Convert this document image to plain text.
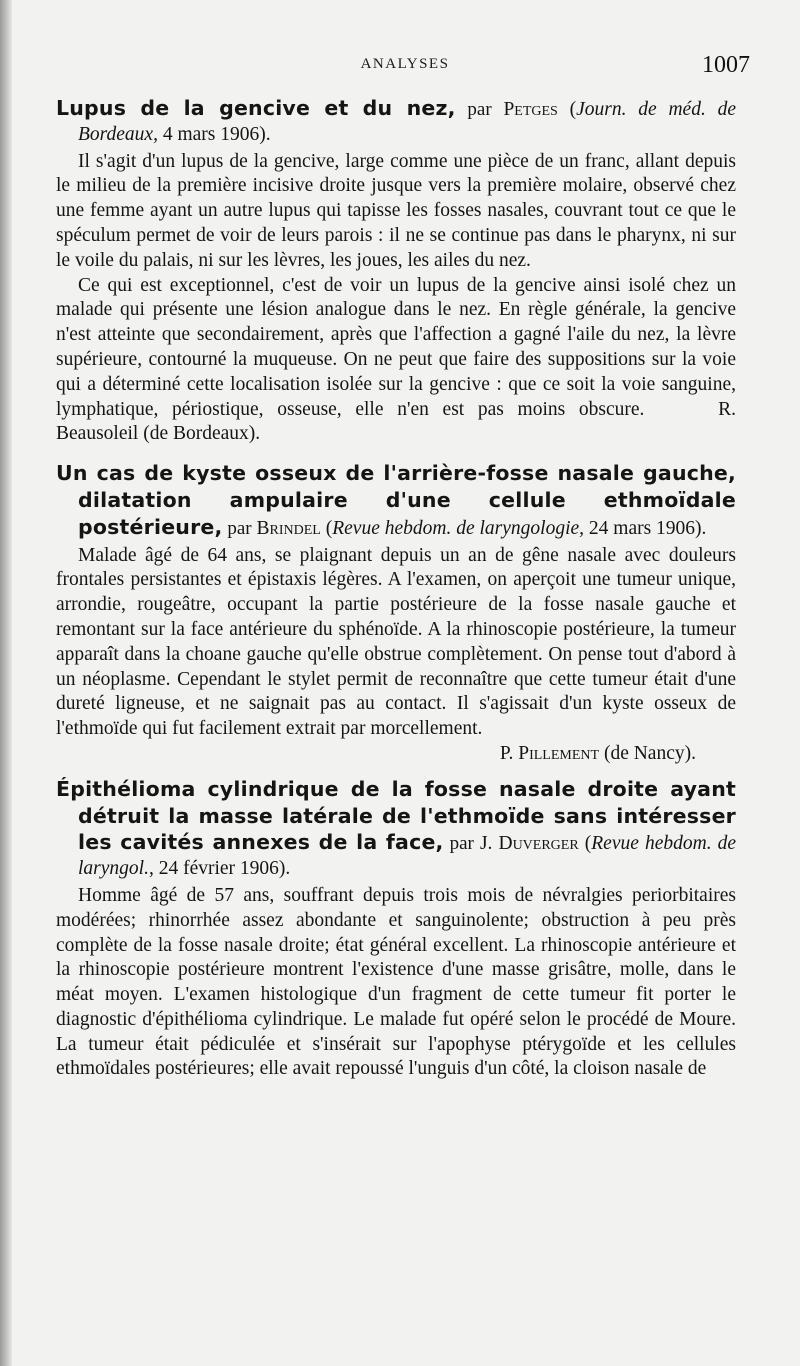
ANALYSES	1007

Lupus de la gencive et du nez, par Petges (Journ. de méd. de Bordeaux, 4 mars 1906).

Il s'agit d'un lupus de la gencive, large comme une pièce de un franc, allant depuis le milieu de la première incisive droite jusque vers la première molaire, observé chez une femme ayant un autre lupus qui tapisse les fosses nasales, couvrant tout ce que le spéculum permet de voir de leurs parois : il ne se continue pas dans le pharynx, ni sur le voile du palais, ni sur les lèvres, les joues, les ailes du nez.

Ce qui est exceptionnel, c'est de voir un lupus de la gencive ainsi isolé chez un malade qui présente une lésion analogue dans le nez. En règle générale, la gencive n'est atteinte que secondairement, après que l'affection a gagné l'aile du nez, la lèvre supérieure, contourné la muqueuse. On ne peut que faire des suppositions sur la voie qui a déterminé cette localisation isolée sur la gencive : que ce soit la voie sanguine, lymphatique, périostique, osseuse, elle n'en est pas moins obscure.	R. Beausoleil (de Bordeaux).

Un cas de kyste osseux de l'arrière-fosse nasale gauche, dilatation ampulaire d'une cellule ethmoïdale postérieure, par Brindel (Revue hebdom. de laryngologie, 24 mars 1906).

Malade âgé de 64 ans, se plaignant depuis un an de gêne nasale avec douleurs frontales persistantes et épistaxis légères. A l'examen, on aperçoit une tumeur unique, arrondie, rougeâtre, occupant la partie postérieure de la fosse nasale gauche et remontant sur la face antérieure du sphénoïde. A la rhinoscopie postérieure, la tumeur apparaît dans la choane gauche qu'elle obstrue complètement. On pense tout d'abord à un néoplasme. Cependant le stylet permit de reconnaître que cette tumeur était d'une dureté ligneuse, et ne saignait pas au contact. Il s'agissait d'un kyste osseux de l'ethmoïde qui fut facilement extrait par morcellement.

P. Pillement (de Nancy).

Épithélioma cylindrique de la fosse nasale droite ayant détruit la masse latérale de l'ethmoïde sans intéresser les cavités annexes de la face, par J. Duverger (Revue hebdom. de laryngol., 24 février 1906).

Homme âgé de 57 ans, souffrant depuis trois mois de névralgies periorbitaires modérées; rhinorrhée assez abondante et sanguinolente; obstruction à peu près complète de la fosse nasale droite; état général excellent. La rhinoscopie antérieure et la rhinoscopie postérieure montrent l'existence d'une masse grisâtre, molle, dans le méat moyen. L'examen histologique d'un fragment de cette tumeur fit porter le diagnostic d'épithélioma cylindrique. Le malade fut opéré selon le procédé de Moure. La tumeur était pédiculée et s'insérait sur l'apophyse ptérygoïde et les cellules ethmoïdales postérieures; elle avait repoussé l'unguis d'un côté, la cloison nasale de
